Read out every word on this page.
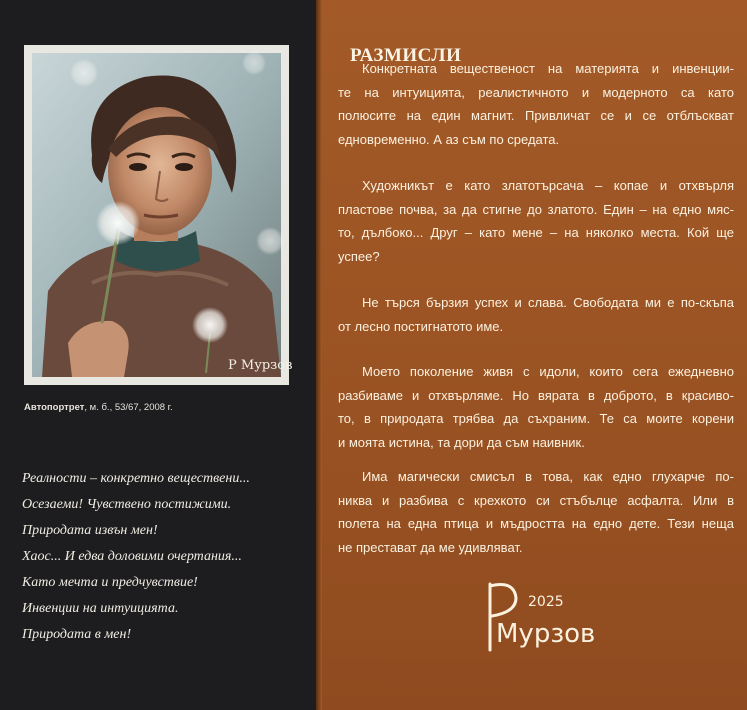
Р Мурзов
Автопортрет, м. б., 53/67, 2008 г.
Реалности – конкретно веществени...
Осезаеми! Чувствено постижими.
Природата извън мен!
Хаос... И едва доловими очертания...
Като мечта и предчувствие!
Инвенции на интуицията.
Природата в мен!
РАЗМИСЛИ
Конкретната вещественост на материята и инвенции-
те на интуицията, реалистичното и модерното са като
полюсите на един магнит. Привличат се и се отблъскват
едновременно. А аз съм по средата.
Художникът е като златотърсача – копае и отхвърля
пластове почва, за да стигне до златото. Един – на едно мяс-
то, дълбоко... Друг – като мене – на няколко места. Кой ще
успее?
Не търся бързия успех и слава. Свободата ми е по-скъпа
от лесно постигнатото име.
Моето поколение живя с идоли, които сега ежедневно
разбиваме и отхвърляме. Но вярата в доброто, в красиво-
то, в природата трябва да съхраним. Те са моите корени
и моята истина, та дори да съм наивник.
Има магически смисъл в това, как едно глухарче по-
никва и разбива с крехкото си стъбълце асфалта. Или в
полета на една птица и мъдростта на едно дете. Тези неща
не престават да ме удивляват.
2025
Мурзов
